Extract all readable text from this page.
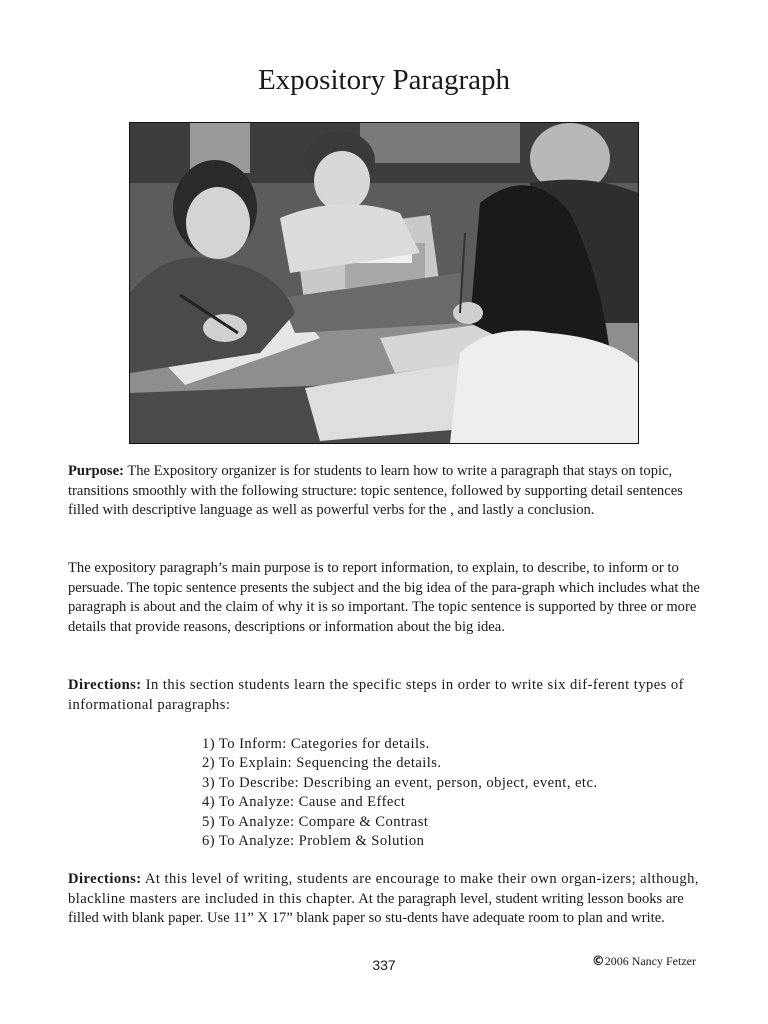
Expository Paragraph

Purpose: The Expository organizer is for students to learn how to write a paragraph that stays on topic, transitions smoothly with the following structure: topic sentence, followed by supporting detail sentences filled with descriptive language as well as powerful verbs for the , and lastly a conclusion.

The expository paragraph’s main purpose is to report information, to explain, to describe, to inform or to persuade. The topic sentence presents the subject and the big idea of the para-graph which includes what the paragraph is about and the claim of why it is so important. The topic sentence is supported by three or more details that provide reasons, descriptions or information about the big idea.

Directions: In this section students learn the specific steps in order to write six dif-ferent types of informational paragraphs:

1) To Inform: Categories for details.
2) To Explain: Sequencing the details.
3) To Describe: Describing an event, person, object, event, etc.
4) To Analyze: Cause and Effect
5) To Analyze: Compare & Contrast
6) To Analyze: Problem & Solution

Directions: At this level of writing, students are encourage to make their own organ-izers; although, blackline masters are included in this chapter. At the paragraph level, student writing lesson books are filled with blank paper. Use 11” X 17” blank paper so stu-dents have adequate room to plan and write.

337	©2006 Nancy Fetzer
